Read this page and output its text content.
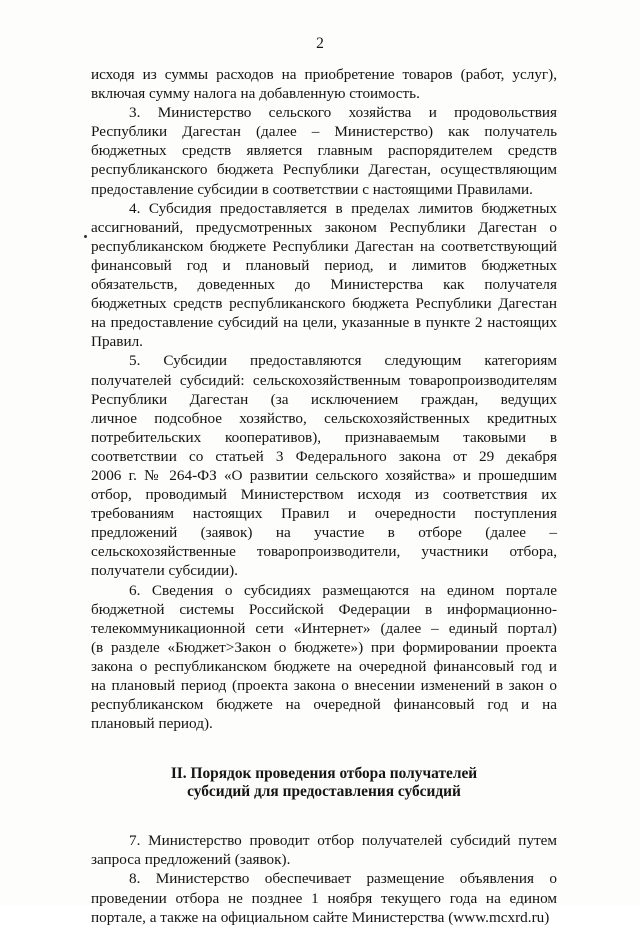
2
исходя из суммы расходов на приобретение товаров (работ, услуг),
включая сумму налога на добавленную стоимость.
3. Министерство сельского хозяйства и продовольствия
Республики Дагестан (далее – Министерство) как получатель
бюджетных средств является главным распорядителем средств
республиканского бюджета Республики Дагестан, осуществляющим
предоставление субсидии в соответствии с настоящими Правилами.
4. Субсидия предоставляется в пределах лимитов бюджетных
ассигнований, предусмотренных законом Республики Дагестан о
республиканском бюджете Республики Дагестан на соответствующий
финансовый год и плановый период, и лимитов бюджетных
обязательств, доведенных до Министерства как получателя
бюджетных средств республиканского бюджета Республики Дагестан
на предоставление субсидий на цели, указанные в пункте 2 настоящих
Правил.
5. Субсидии предоставляются следующим категориям
получателей субсидий: сельскохозяйственным товаропроизводителям
Республики Дагестан (за исключением граждан, ведущих
личное подсобное хозяйство, сельскохозяйственных кредитных
потребительских кооперативов), признаваемым таковыми в
соответствии со статьей 3 Федерального закона от 29 декабря
2006 г. № 264-ФЗ «О развитии сельского хозяйства» и прошедшим
отбор, проводимый Министерством исходя из соответствия их
требованиям настоящих Правил и очередности поступления
предложений (заявок) на участие в отборе (далее –
сельскохозяйственные товаропроизводители, участники отбора,
получатели субсидии).
6. Сведения о субсидиях размещаются на едином портале
бюджетной системы Российской Федерации в информационно-
телекоммуникационной сети «Интернет» (далее – единый портал)
(в разделе «Бюджет>Закон о бюджете») при формировании проекта
закона о республиканском бюджете на очередной финансовый год и
на плановый период (проекта закона о внесении изменений в закон о
республиканском бюджете на очередной финансовый год и на
плановый период).
II. Порядок проведения отбора получателей
субсидий для предоставления субсидий
7. Министерство проводит отбор получателей субсидий путем
запроса предложений (заявок).
8. Министерство обеспечивает размещение объявления о
проведении отбора не позднее 1 ноября текущего года на едином
портале, а также на официальном сайте Министерства (www.mcxrd.ru)
